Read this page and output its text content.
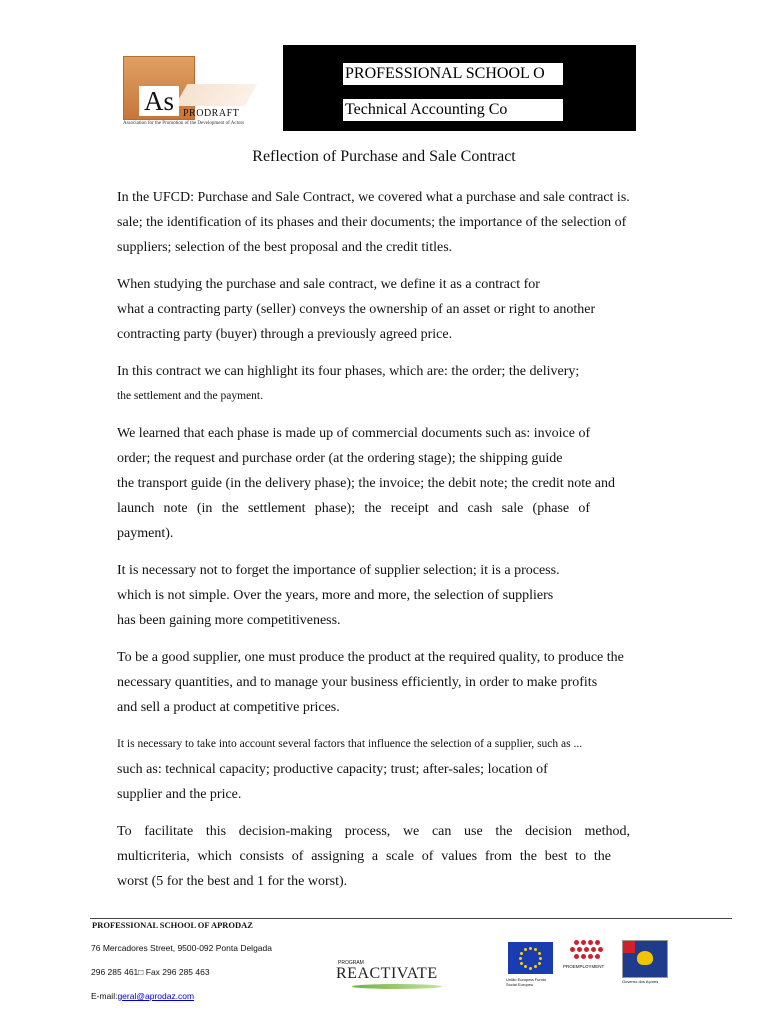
As PRODRAFT
Association for the Promotion of the Development of Actors
PROFESSIONAL SCHOOL O
Technical Accounting Co
Reflection of Purchase and Sale Contract
In the UFCD: Purchase and Sale Contract, we covered what a purchase and sale contract is.
sale; the identification of its phases and their documents; the importance of the selection of
suppliers; selection of the best proposal and the credit titles.
When studying the purchase and sale contract, we define it as a contract for
what a contracting party (seller) conveys the ownership of an asset or right to another
contracting party (buyer) through a previously agreed price.
In this contract we can highlight its four phases, which are: the order; the delivery;
the settlement and the payment.
We learned that each phase is made up of commercial documents such as: invoice of
order; the request and purchase order (at the ordering stage); the shipping guide
the transport guide (in the delivery phase); the invoice; the debit note; the credit note and
launch note (in the settlement phase); the receipt and cash sale (phase of
payment).
It is necessary not to forget the importance of supplier selection; it is a process.
which is not simple. Over the years, more and more, the selection of suppliers
has been gaining more competitiveness.
To be a good supplier, one must produce the product at the required quality, to produce the
necessary quantities, and to manage your business efficiently, in order to make profits
and sell a product at competitive prices.
It is necessary to take into account several factors that influence the selection of a supplier, such as ...
such as: technical capacity; productive capacity; trust; after-sales; location of
supplier and the price.
To facilitate this decision-making process, we can use the decision method,
multicriteria, which consists of assigning a scale of values from the best to the
worst (5 for the best and 1 for the worst).
PROFESSIONAL SCHOOL OF APRODAZ
76 Mercadores Street, 9500-092 Ponta Delgada
296 285 461□ Fax 296 285 463
E-mail:geral@aprodaz.com
PROGRAM
REACTIVATE	União Europeia Fundo Social Europeu
PROEMPLOYMENT
Governo dos Açores
